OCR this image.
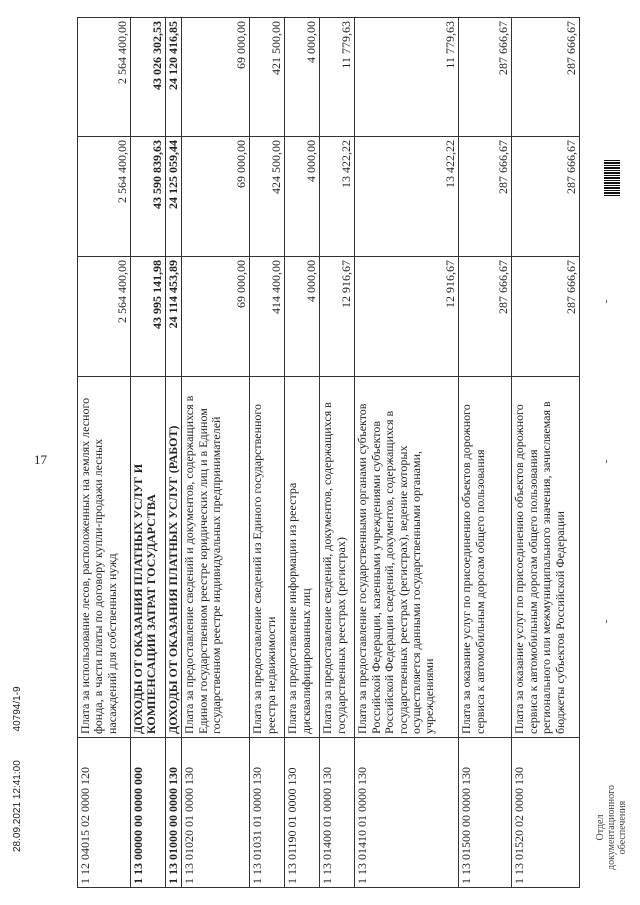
17
28.09.2021 12:41:00 40794/1-9
Отдел документационного обеспечения
1 12 04015 02 0000 120	Плата за использование лесов, расположенных на землях лесного фонда, в части платы по договору купли-продажи лесных насаждений для собственных нужд	2 564 400,00	2 564 400,00	2 564 400,00
1 13 00000 00 0000 000	ДОХОДЫ ОТ ОКАЗАНИЯ ПЛАТНЫХ УСЛУГ И КОМПЕНСАЦИИ ЗАТРАТ ГОСУДАРСТВА	43 995 141,98	43 590 839,63	43 026 302,53
1 13 01000 00 0000 130	ДОХОДЫ ОТ ОКАЗАНИЯ ПЛАТНЫХ УСЛУГ (РАБОТ)	24 114 453,89	24 125 059,44	24 120 416,85
1 13 01020 01 0000 130	Плата за предоставление сведений и документов, содержащихся в Едином государственном реестре юридических лиц и в Едином государственном реестре индивидуальных предпринимателей	69 000,00	69 000,00	69 000,00
1 13 01031 01 0000 130	Плата за предоставление сведений из Единого государственного реестра недвижимости	414 400,00	424 500,00	421 500,00
1 13 01190 01 0000 130	Плата за предоставление информации из реестра дисквалифицированных лиц	4 000,00	4 000,00	4 000,00
1 13 01400 01 0000 130	Плата за предоставление сведений, документов, содержащихся в государственных реестрах (регистрах)	12 916,67	13 422,22	11 779,63
1 13 01410 01 0000 130	Плата за предоставление государственными органами субъектов Российской Федерации, казенными учреждениями субъектов Российской Федерации сведений, документов, содержащихся в государственных реестрах (регистрах), ведение которых осуществляется данными государственными органами, учреждениями	12 916,67	13 422,22	11 779,63
1 13 01500 00 0000 130	Плата за оказание услуг по присоединению объектов дорожного сервиса к автомобильным дорогам общего пользования	287 666,67	287 666,67	287 666,67
1 13 01520 02 0000 130	Плата за оказание услуг по присоединению объектов дорожного сервиса к автомобильным дорогам общего пользования регионального или межмуниципального значения, зачисляемая в бюджеты субъектов Российской Федерации	287 666,67	287 666,67	287 666,67
